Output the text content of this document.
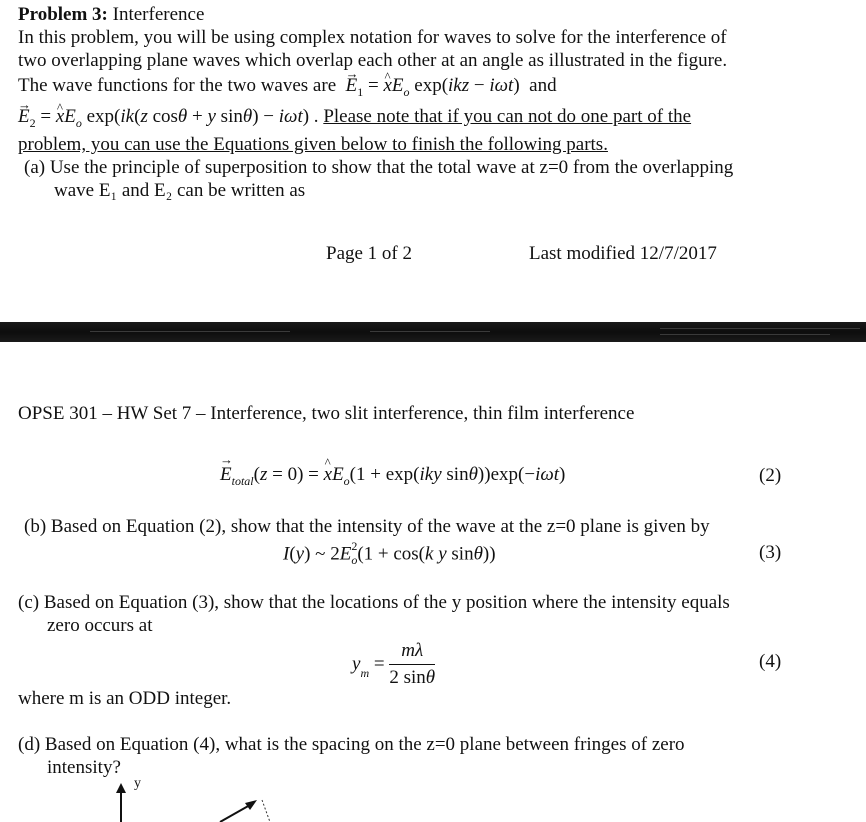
Problem 3: Interference
In this problem, you will be using complex notation for waves to solve for the interference of
two overlapping plane waves which overlap each other at an angle as illustrated in the figure.
The wave functions for the two waves are  → $E_1$ = ^ $xE_o$ exp(ikz − iωt)  and
→ $E_2$ = ^ $xE_o$ exp(ik(z cosθ + y sinθ) − iωt) . Please note that if you can not do one part of the
problem, you can use the Equations given below to finish the following parts.
(a) Use the principle of superposition to show that the total wave at z=0 from the overlapping
wave E₁ and E₂ can be written as
Page 1 of 2	Last modified 12/7/2017
OPSE 301 – HW Set 7 – Interference, two slit interference, thin film interference
→ $E_{total}(z = 0)$ = ^ $xE_o(1 + \exp(iky$ sinθ))exp(−iωt)	(2)
(b) Based on Equation (2), show that the intensity of the wave at the z=0 plane is given by
I(y) ~ $2E_o^2(1 + \cos(k$ y sinθ))	(3)
(c) Based on Equation (3), show that the locations of the y position where the intensity equals
zero occurs at
$y_m = \frac{m\lambda}{2 \sin\theta}$	(4)
where m is an ODD integer.
(d) Based on Equation (4), what is the spacing on the z=0 plane between fringes of zero
intensity?
y
